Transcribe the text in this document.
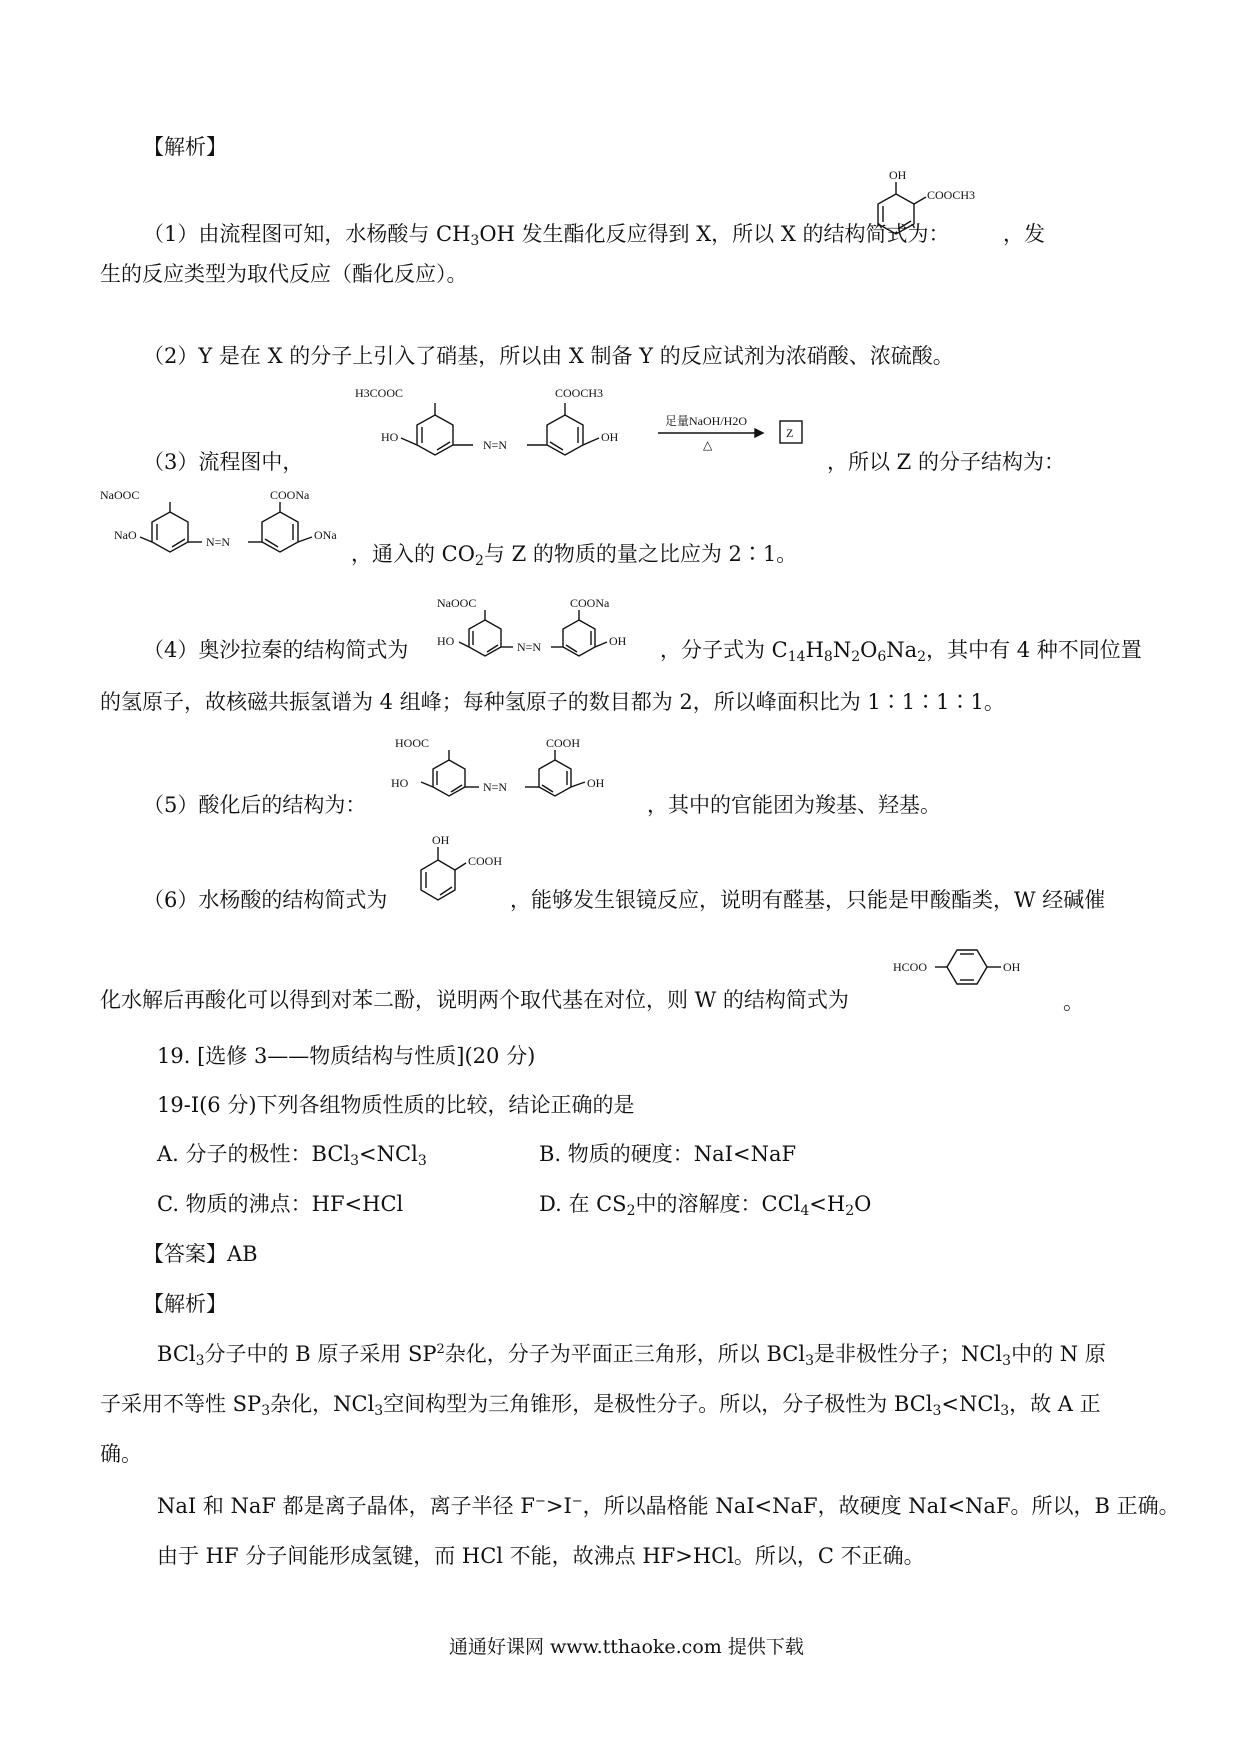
【解析】
OH
COOCH3
（1）由流程图可知，水杨酸与 $CH_3OH$ 发生酯化反应得到 X，所以 X 的结构简式为：	，发
生的反应类型为取代反应（酯化反应）。
（2）Y 是在 X 的分子上引入了硝基，所以由 X 制备 Y 的反应试剂为浓硝酸、浓硫酸。
H3COOC	COOCH3
HO
N=N
OH
足量NaOH/H2O
△
Z
（3）流程图中，	，所以 Z 的分子结构为：
NaOOC	COONa
NaO	N=N	ONa
，通入的 $CO_2$与 Z 的物质的量之比应为 2∶1。
NaOOC	COONa
HO	N=N	OH
（4）奥沙拉秦的结构简式为	，分子式为 $C_{14}H_8N_2O_6Na_2$，其中有 4 种不同位置
的氢原子，故核磁共振氢谱为 4 组峰；每种氢原子的数目都为 2，所以峰面积比为 1∶1∶1∶1。
HOOC	COOH
HO	N=N	OH
（5）酸化后的结构为：	，其中的官能团为羧基、羟基。
OH
COOH
（6）水杨酸的结构简式为	，能够发生银镜反应，说明有醛基，只能是甲酸酯类，W 经碱催
HCOO	OH
化水解后再酸化可以得到对苯二酚，说明两个取代基在对位，则 W 的结构简式为	。
19. [选修 3——物质结构与性质](20 分)
19-I(6 分)下列各组物质性质的比较，结论正确的是
A. 分子的极性：BCl$_3$<NCl$_3$	B. 物质的硬度：NaI<NaF
C. 物质的沸点：HF<HCl	D. 在 $CS_2$中的溶解度：$CCl_4<H_2O$
【答案】AB
【解析】
BCl$_3$分子中的 B 原子采用 $SP^2$杂化，分子为平面正三角形，所以 BCl$_3$是非极性分子；NCl$_3$中的 N 原
子采用不等性 $SP_3$杂化，NCl$_3$空间构型为三角锥形，是极性分子。所以，分子极性为 BCl$_3$<NCl$_3$，故 A 正
确。
NaI 和 NaF 都是离子晶体，离子半径 F−>I−，所以晶格能 NaI<NaF，故硬度 NaI<NaF。所以，B 正确。
由于 HF 分子间能形成氢键，而 HCl 不能，故沸点 HF>HCl。所以，C 不正确。
通通好课网 www.tthaoke.com 提供下载
